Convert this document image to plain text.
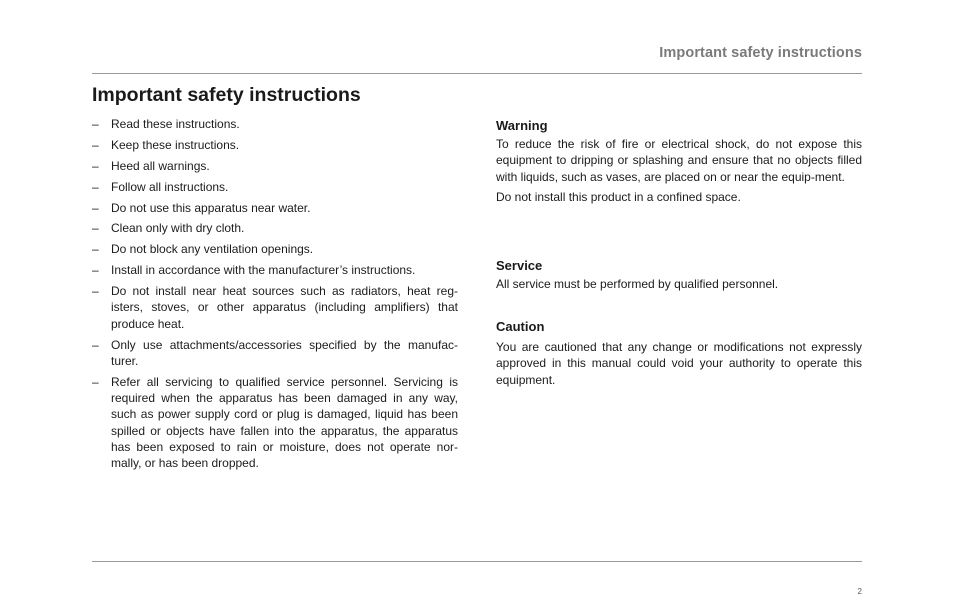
Important safety instructions
Important safety instructions
– Read these instructions.
– Keep these instructions.
– Heed all warnings.
– Follow all instructions.
– Do not use this apparatus near water.
– Clean only with dry cloth.
– Do not block any ventilation openings.
– Install in accordance with the manufacturer’s instructions.
– Do not install near heat sources such as radiators, heat reg-isters, stoves, or other apparatus (including amplifiers) that produce heat.
– Only use attachments/accessories specified by the manufac-turer.
– Refer all servicing to qualified service personnel. Servicing is required when the apparatus has been damaged in any way, such as power supply cord or plug is damaged, liquid has been spilled or objects have fallen into the apparatus, the apparatus has been exposed to rain or moisture, does not operate nor-mally, or has been dropped.
Warning

To reduce the risk of fire or electrical shock, do not expose this equipment to dripping or splashing and ensure that no objects filled with liquids, such as vases, are placed on or near the equip-ment.

Do not install this product in a confined space.

Service

All service must be performed by qualified personnel.

Caution

You are cautioned that any change or modifications not expressly approved in this manual could void your authority to operate this equipment.

2
